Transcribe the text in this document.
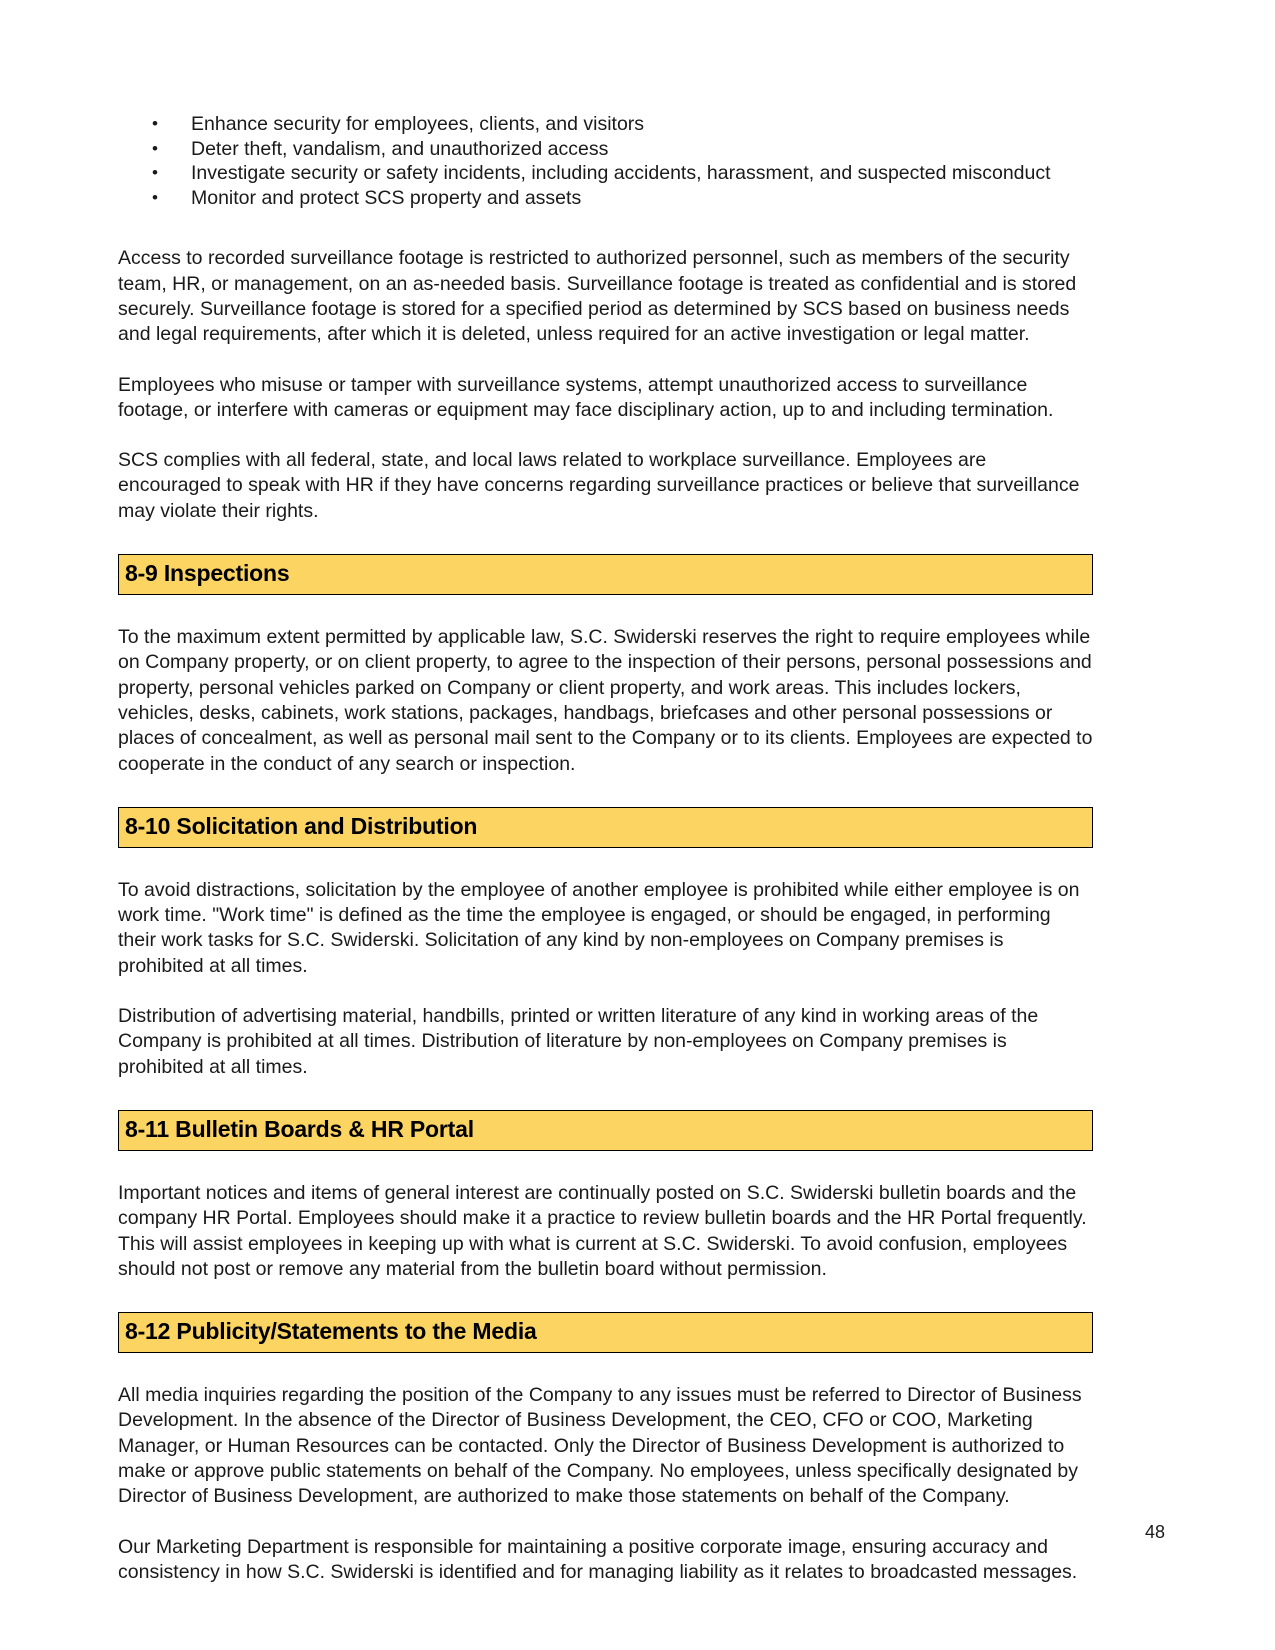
• Enhance security for employees, clients, and visitors
• Deter theft, vandalism, and unauthorized access
• Investigate security or safety incidents, including accidents, harassment, and suspected misconduct
• Monitor and protect SCS property and assets

Access to recorded surveillance footage is restricted to authorized personnel, such as members of the security team, HR, or management, on an as-needed basis. Surveillance footage is treated as confidential and is stored securely. Surveillance footage is stored for a specified period as determined by SCS based on business needs and legal requirements, after which it is deleted, unless required for an active investigation or legal matter.

Employees who misuse or tamper with surveillance systems, attempt unauthorized access to surveillance footage, or interfere with cameras or equipment may face disciplinary action, up to and including termination.

SCS complies with all federal, state, and local laws related to workplace surveillance. Employees are encouraged to speak with HR if they have concerns regarding surveillance practices or believe that surveillance may violate their rights.

8-9 Inspections

To the maximum extent permitted by applicable law, S.C. Swiderski reserves the right to require employees while on Company property, or on client property, to agree to the inspection of their persons, personal possessions and property, personal vehicles parked on Company or client property, and work areas. This includes lockers, vehicles, desks, cabinets, work stations, packages, handbags, briefcases and other personal possessions or places of concealment, as well as personal mail sent to the Company or to its clients. Employees are expected to cooperate in the conduct of any search or inspection.

8-10 Solicitation and Distribution

To avoid distractions, solicitation by the employee of another employee is prohibited while either employee is on work time. "Work time" is defined as the time the employee is engaged, or should be engaged, in performing their work tasks for S.C. Swiderski. Solicitation of any kind by non-employees on Company premises is prohibited at all times.

Distribution of advertising material, handbills, printed or written literature of any kind in working areas of the Company is prohibited at all times. Distribution of literature by non-employees on Company premises is prohibited at all times.

8-11 Bulletin Boards & HR Portal

Important notices and items of general interest are continually posted on S.C. Swiderski bulletin boards and the company HR Portal. Employees should make it a practice to review bulletin boards and the HR Portal frequently. This will assist employees in keeping up with what is current at S.C. Swiderski. To avoid confusion, employees should not post or remove any material from the bulletin board without permission.

8-12 Publicity/Statements to the Media

All media inquiries regarding the position of the Company to any issues must be referred to Director of Business Development. In the absence of the Director of Business Development, the CEO, CFO or COO, Marketing Manager, or Human Resources can be contacted. Only the Director of Business Development is authorized to make or approve public statements on behalf of the Company. No employees, unless specifically designated by Director of Business Development, are authorized to make those statements on behalf of the Company.

Our Marketing Department is responsible for maintaining a positive corporate image, ensuring accuracy and consistency in how S.C. Swiderski is identified and for managing liability as it relates to broadcasted messages.

48
